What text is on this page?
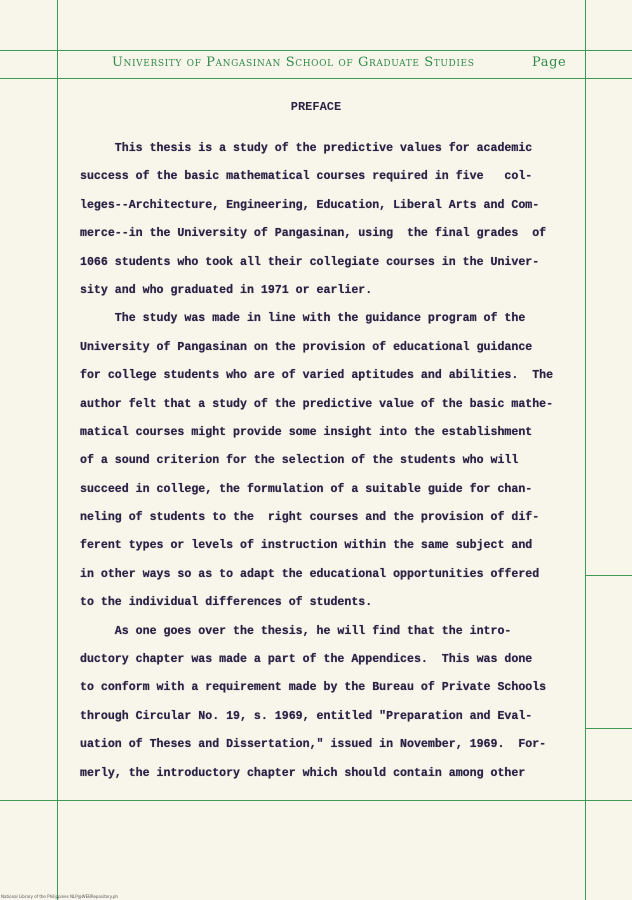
University of Pangasinan School of Graduate Studies	Page
PREFACE
This thesis is a study of the predictive values for academic
success of the basic mathematical courses required in five   col-
leges--Architecture, Engineering, Education, Liberal Arts and Com-
merce--in the University of Pangasinan, using  the final grades  of
1066 students who took all their collegiate courses in the Univer-
sity and who graduated in 1971 or earlier.
The study was made in line with the guidance program of the
University of Pangasinan on the provision of educational guidance
for college students who are of varied aptitudes and abilities.  The
author felt that a study of the predictive value of the basic mathe-
matical courses might provide some insight into the establishment
of a sound criterion for the selection of the students who will
succeed in college, the formulation of a suitable guide for chan-
neling of students to the  right courses and the provision of dif-
ferent types or levels of instruction within the same subject and
in other ways so as to adapt the educational opportunities offered
to the individual differences of students.
As one goes over the thesis, he will find that the intro-
ductory chapter was made a part of the Appendices.  This was done
to conform with a requirement made by the Bureau of Private Schools
through Circular No. 19, s. 1969, entitled "Preparation and Eval-
uation of Theses and Dissertation," issued in November, 1969.  For-
merly, the introductory chapter which should contain among other
National Library of the Philippines NLP@WEBRepository.ph
